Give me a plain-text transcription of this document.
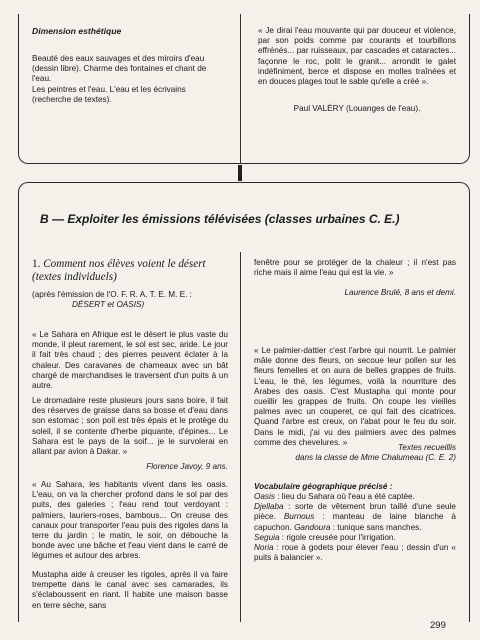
Dimension esthétique
Beauté des eaux sauvages et des miroirs d'eau (dessin libre). Charme des fontaines et chant de l'eau.
Les peintres et l'eau. L'eau et les écrivains (recherche de textes).
« Je dirai l'eau mouvante qui par douceur et violence, par son poids comme par courants et tourbillons effrénés... par ruisseaux, par cascades et cataractes... façonne le roc, polit le granit... arrondit le galet indéfiniment, berce et dispose en molles traînées et en douces plages tout le sable qu'elle a créé ».
Paul VALÉRY (Louanges de l'eau).
B — Exploiter les émissions télévisées (classes urbaines C. E.)
1. Comment nos élèves voient le désert (textes individuels)
(après l'émission de l'O. F. R. A. T. E. M. E. :
DÉSERT et OASIS)
« Le Sahara en Afrique est le désert le plus vaste du monde, il pleut rarement, le sol est sec, aride. Le jour il fait très chaud ; des pierres peuvent éclater à la chaleur. Des caravanes de chameaux avec un bât chargé de marchandises le traversent d'un puits à un autre.
Le dromadaire reste plusieurs jours sans boire, il fait des réserves de graisse dans sa bosse et d'eau dans son estomac ; son poil est très épais et le protège du soleil, il se contente d'herbe piquante, d'épines... Le Sahara est le pays de la soif... je le survolerai en allant par avion à Dakar. »
Florence Javoy, 9 ans.
« Au Sahara, les habitants vivent dans les oasis. L'eau, on va la chercher profond dans le sol par des puits, des galeries ; l'eau rend tout verdoyant : palmiers, lauriers-roses, bambous... On creuse des canaux pour transporter l'eau puis des rigoles dans la terre du jardin ; le matin, le soir, on débouche la bonde avec une bâche et l'eau vient dans le carré de légumes et autour des arbres.
Mustapha aide à creuser les rigoles, après il va faire trempette dans le canal avec ses camarades, ils s'éclaboussent en riant. Il habite une maison basse en terre sèche, sans
fenêtre pour se protéger de la chaleur ; il n'est pas riche mais il aime l'eau qui est la vie. »
Laurence Brulé, 8 ans et demi.
« Le palmier-dattier c'est l'arbre qui nourrit. Le palmier mâle donne des fleurs, on secoue leur pollen sur les fleurs femelles et on aura de belles grappes de fruits. L'eau, le thé, les légumes, voilà la nourriture des Arabes des oasis. C'est Mustapha qui monte pour cueillir les grappes de fruits. On coupe les vieilles palmes avec un couperet, ce qui fait des cicatrices. Quand l'arbre est creux, on l'abat pour le feu du soir. Dans le midi, j'ai vu des palmiers avec des palmes comme des chevelures. »
Textes recueillis
dans la classe de Mme Chalumeau (C. E. 2)
Vocabulaire géographique précisé :
Oasis : lieu du Sahara où l'eau a été captée.
Djellaba : sorte de vêtement brun taillé d'une seule pièce. Burnous : manteau de laine blanche à capuchon. Gandoura : tunique sans manches.
Seguia : rigole creusée pour l'irrigation.
Noria : roue à godets pour élever l'eau ; dessin d'un « puits à balancier ».
299
